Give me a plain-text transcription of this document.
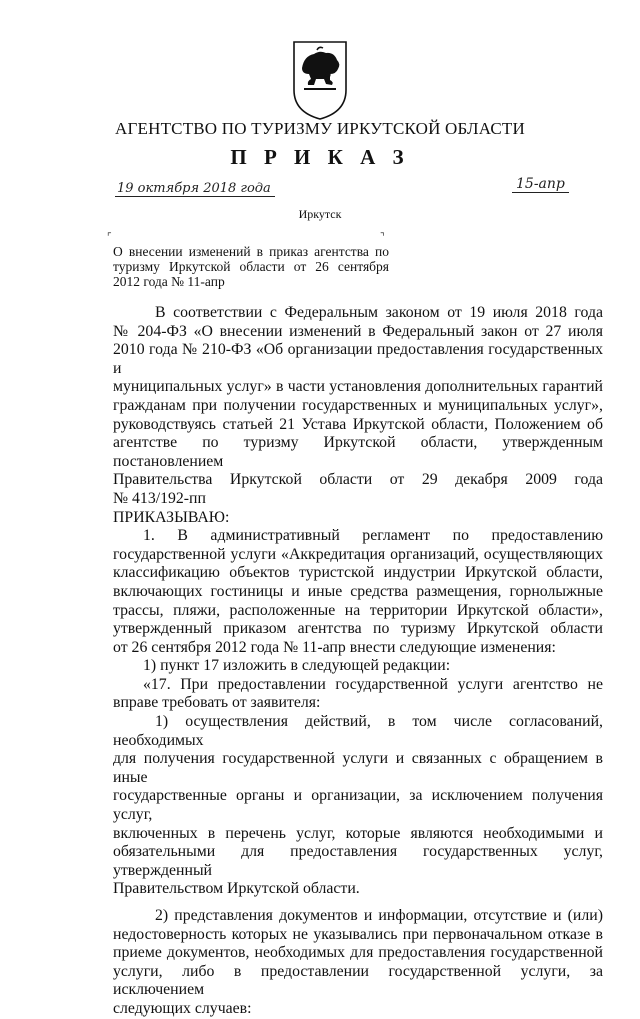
АГЕНТСТВО ПО ТУРИЗМУ ИРКУТСКОЙ ОБЛАСТИ
П Р И К А З
19 октября 2018 года	15-апр
Иркутск
⌜	⌝
О внесении изменений в приказ агентства по
туризму Иркутской области от 26 сентября
2012 года № 11-апр
В соответствии с Федеральным законом от 19 июля 2018 года
№ 204-ФЗ «О внесении изменений в Федеральный закон от 27 июля
2010 года № 210-ФЗ «Об организации предоставления государственных и
муниципальных услуг» в части установления дополнительных гарантий
гражданам при получении государственных и муниципальных услуг»,
руководствуясь статьей 21 Устава Иркутской области, Положением об
агентстве по туризму Иркутской области, утвержденным постановлением
Правительства Иркутской области от 29 декабря 2009 года
№ 413/192-пп
ПРИКАЗЫВАЮ:
1. В административный регламент по предоставлению
государственной услуги «Аккредитация организаций, осуществляющих
классификацию объектов туристской индустрии Иркутской области,
включающих гостиницы и иные средства размещения, горнолыжные
трассы, пляжи, расположенные на территории Иркутской области»,
утвержденный приказом агентства по туризму Иркутской области
от 26 сентября 2012 года № 11-апр внести следующие изменения:
1) пункт 17 изложить в следующей редакции:
«17. При предоставлении государственной услуги агентство не
вправе требовать от заявителя:
1) осуществления действий, в том числе согласований, необходимых
для получения государственной услуги и связанных с обращением в иные
государственные органы и организации, за исключением получения услуг,
включенных в перечень услуг, которые являются необходимыми и
обязательными для предоставления государственных услуг, утвержденный
Правительством Иркутской области.
2) представления документов и информации, отсутствие и (или)
недостоверность которых не указывались при первоначальном отказе в
приеме документов, необходимых для предоставления государственной
услуги, либо в предоставлении государственной услуги, за исключением
следующих случаев:
